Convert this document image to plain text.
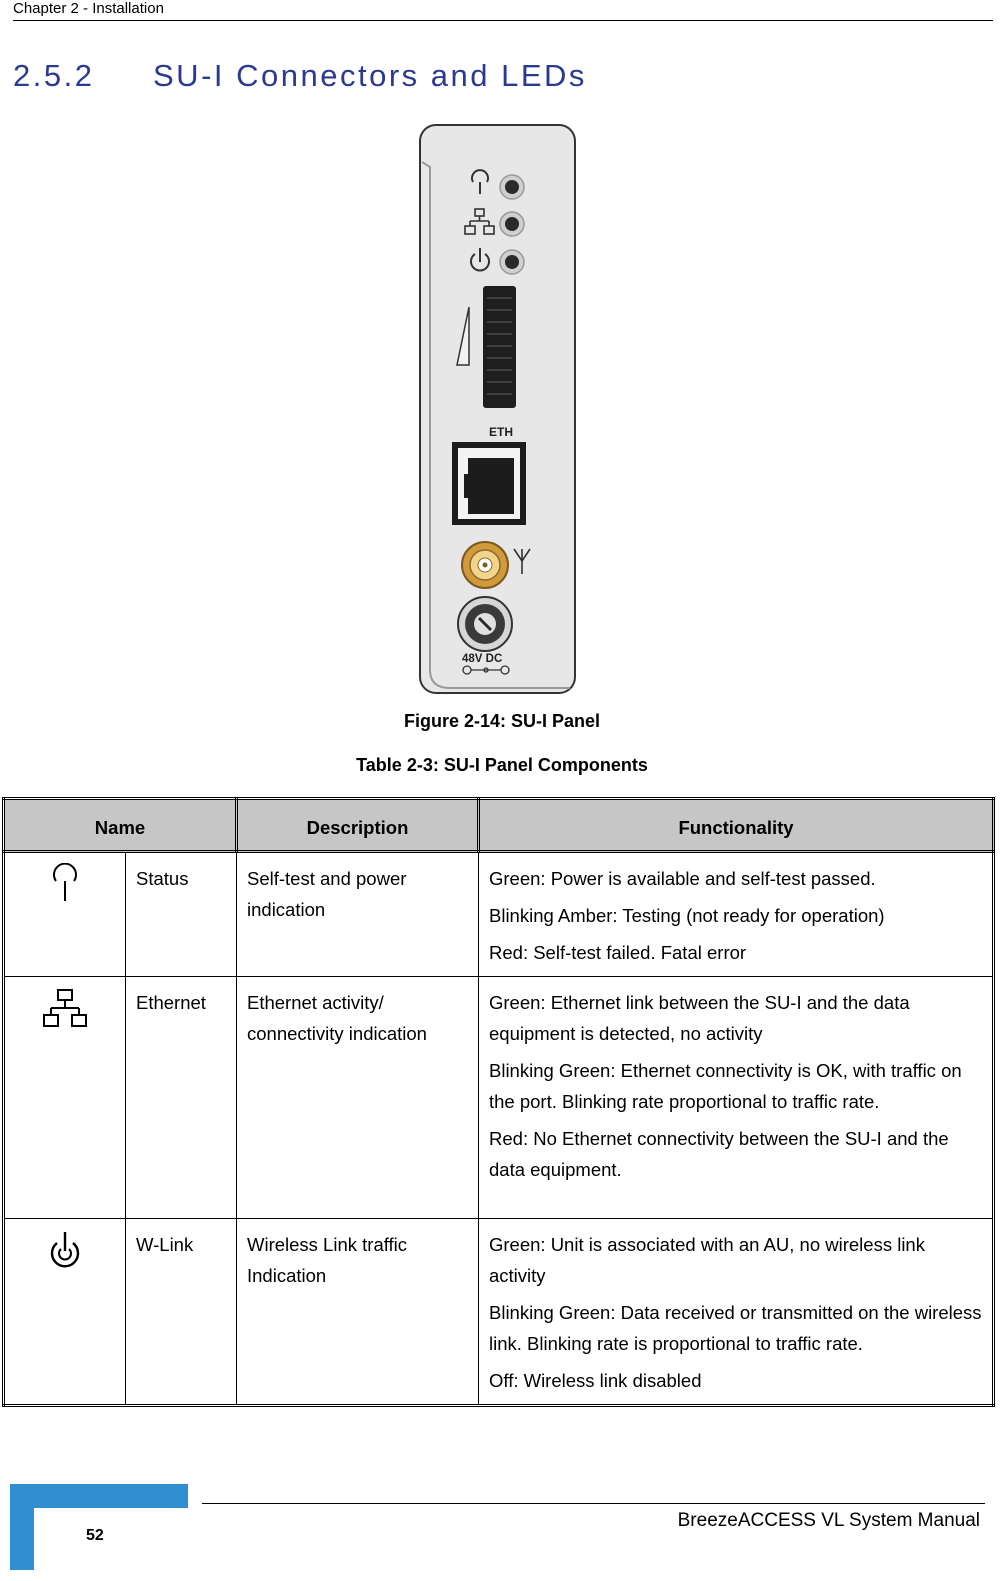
Chapter 2 - Installation
2.5.2 SU-I Connectors and LEDs
ETH
48V DC
Figure 2-14: SU-I Panel
Table 2-3: SU-I Panel Components
Name		Description	Functionality
	Status	Self-test and power indication	Green: Power is available and self-test passed.

Blinking Amber: Testing (not ready for operation)

Red: Self-test failed. Fatal error

	Ethernet	Ethernet activity/ connectivity indication	Green: Ethernet link between the SU-I and the data equipment is detected, no activity

Blinking Green: Ethernet connectivity is OK, with traffic on the port. Blinking rate proportional to traffic rate.

Red: No Ethernet connectivity between the SU-I and the data equipment.

	W-Link	Wireless Link traffic Indication	Green: Unit is associated with an AU, no wireless link activity

Blinking Green: Data received or transmitted on the wireless link. Blinking rate is proportional to traffic rate.

Off: Wireless link disabled

52
BreezeACCESS VL System Manual
